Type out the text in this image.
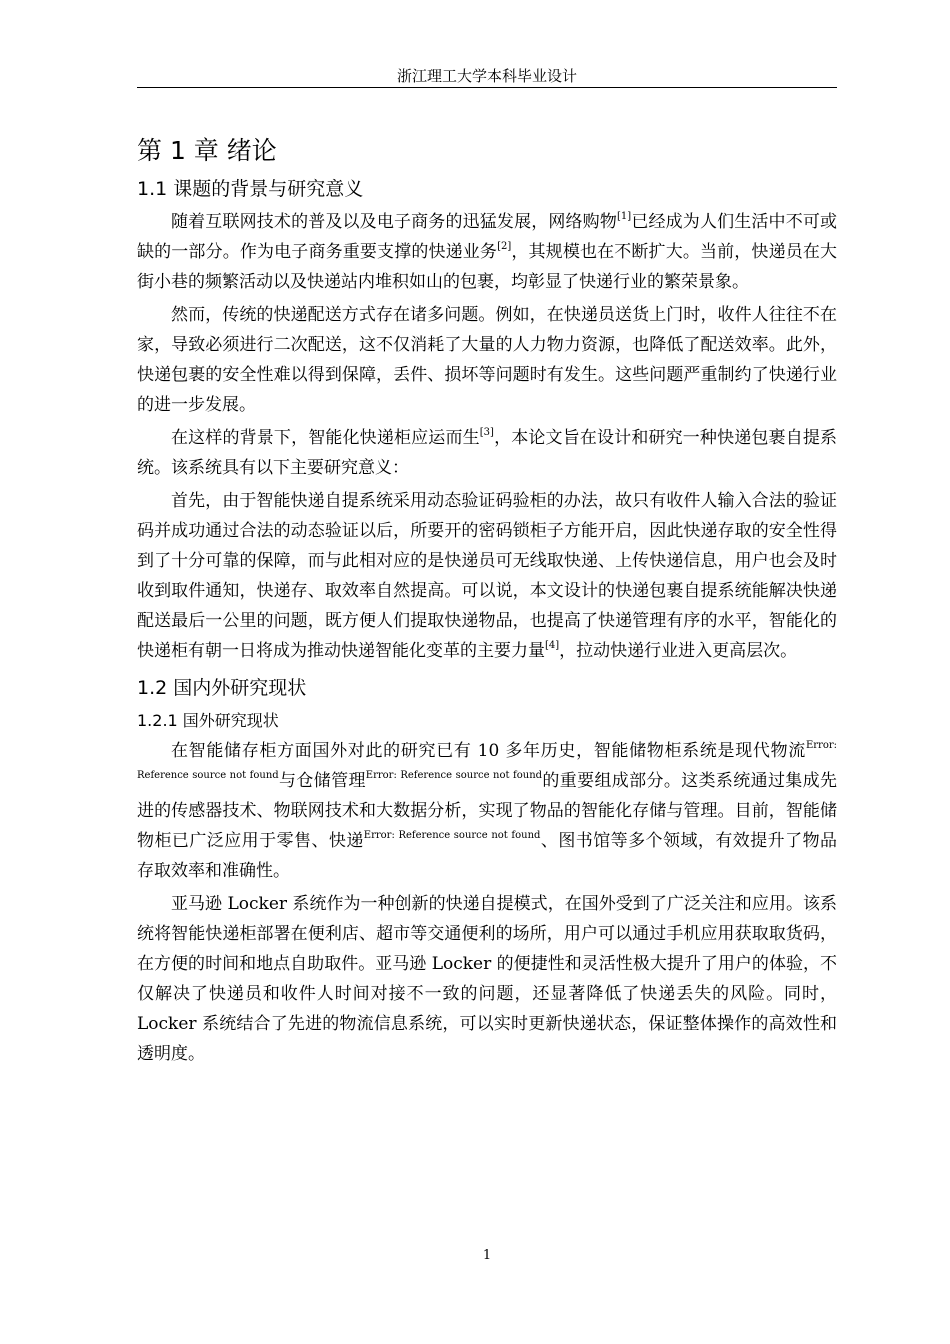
浙江理工大学本科毕业设计
第 1 章 绪论
1.1 课题的背景与研究意义

随着互联网技术的普及以及电子商务的迅猛发展，网络购物[1]已经成为人们生活中不可或缺的一部分。作为电子商务重要支撑的快递业务[2]，其规模也在不断扩大。当前，快递员在大街小巷的频繁活动以及快递站内堆积如山的包裹，均彰显了快递行业的繁荣景象。

然而，传统的快递配送方式存在诸多问题。例如，在快递员送货上门时，收件人往往不在家，导致必须进行二次配送，这不仅消耗了大量的人力物力资源，也降低了配送效率。此外，快递包裹的安全性难以得到保障，丢件、损坏等问题时有发生。这些问题严重制约了快递行业的进一步发展。

在这样的背景下，智能化快递柜应运而生[3]，本论文旨在设计和研究一种快递包裹自提系统。该系统具有以下主要研究意义：

首先，由于智能快递自提系统采用动态验证码验柜的办法，故只有收件人输入合法的验证码并成功通过合法的动态验证以后，所要开的密码锁柜子方能开启，因此快递存取的安全性得到了十分可靠的保障，而与此相对应的是快递员可无线取快递、上传快递信息，用户也会及时收到取件通知，快递存、取效率自然提高。可以说，本文设计的快递包裹自提系统能解决快递配送最后一公里的问题，既方便人们提取快递物品，也提高了快递管理有序的水平，智能化的快递柜有朝一日将成为推动快递智能化变革的主要力量[4]，拉动快递行业进入更高层次。

1.2 国内外研究现状
1.2.1 国外研究现状

在智能储存柜方面国外对此的研究已有 10 多年历史，智能储物柜系统是现代物流$^{Error: Reference source not found}$与仓储管理$^{Error: Reference source not found}$的重要组成部分。这类系统通过集成先进的传感器技术、物联网技术和大数据分析，实现了物品的智能化存储与管理。目前，智能储物柜已广泛应用于零售、快递$^{Error: Reference source not found}$、图书馆等多个领域，有效提升了物品存取效率和准确性。

亚马逊 Locker 系统作为一种创新的快递自提模式，在国外受到了广泛关注和应用。该系统将智能快递柜部署在便利店、超市等交通便利的场所，用户可以通过手机应用获取取货码，在方便的时间和地点自助取件。亚马逊 Locker 的便捷性和灵活性极大提升了用户的体验，不仅解决了快递员和收件人时间对接不一致的问题，还显著降低了快递丢失的风险。同时，Locker 系统结合了先进的物流信息系统，可以实时更新快递状态，保证整体操作的高效性和透明度。

1
